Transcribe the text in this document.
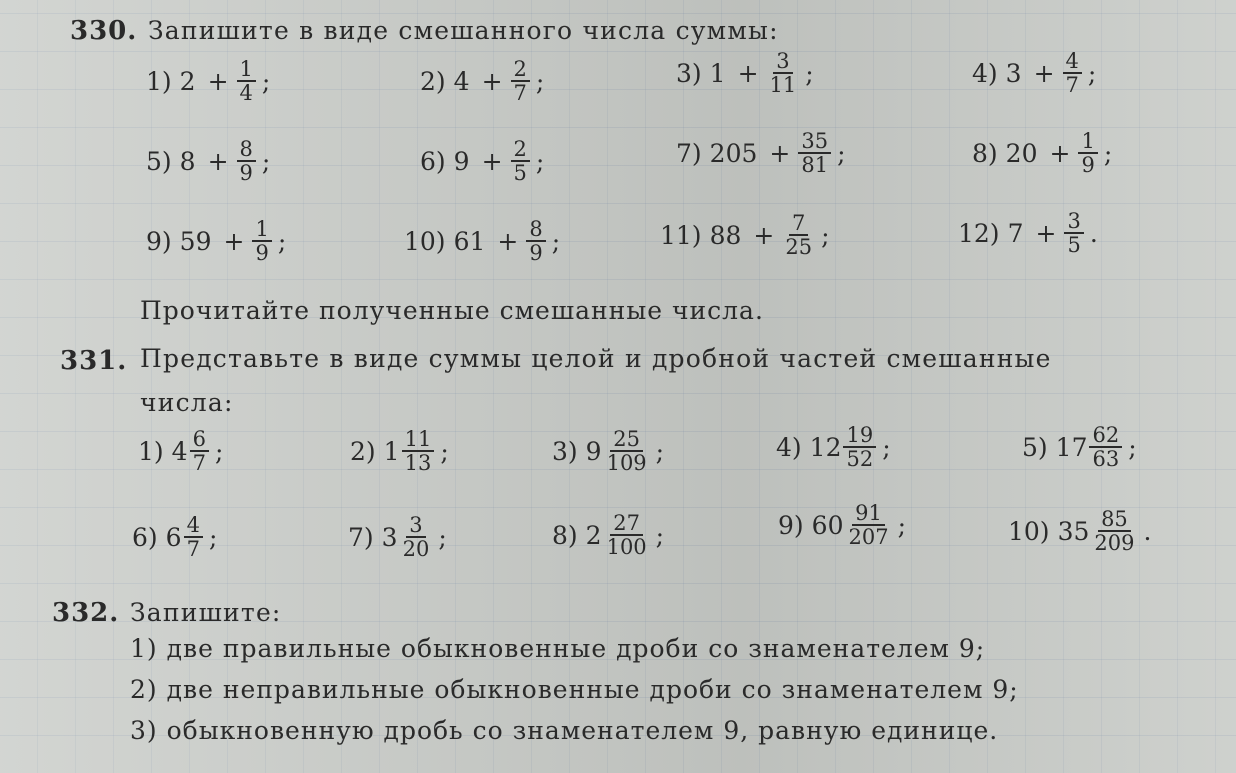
330. Запишите в виде смешанного числа суммы:
1) $2 + \frac{1}{4}$ ;	2) $4 + \frac{2}{7}$ ;	3) $1 + \frac{3}{11}$ ;	4) $3 + \frac{4}{7}$ ;
5) $8 + \frac{8}{9}$ ;	6) $9 + \frac{2}{5}$ ;	7) $205 + \frac{35}{81}$ ;	8) $20 + \frac{1}{9}$ ;
9) $59 + \frac{1}{9}$ ;	10) $61 + \frac{8}{9}$ ;	11) $88 + \frac{7}{25}$ ;	12) $7 + \frac{3}{5}$ .
Прочитайте полученные смешанные числа.
331. Представьте в виде суммы целой и дробной частей смешанные
числа:
1) $4 \frac{6}{7}$ ;	2) $1 \frac{11}{13}$ ;	3) $9 \frac{25}{109}$ ;	4) $12 \frac{19}{52}$ ;	5) $17 \frac{62}{63}$ ;
6) $6 \frac{4}{7}$ ;	7) $3 \frac{3}{20}$ ;	8) $2 \frac{27}{100}$ ;	9) $60 \frac{91}{207}$ ;	10) $35 \frac{85}{209}$ .
332. Запишите:
1) две правильные обыкновенные дроби со знаменателем 9;
2) две неправильные обыкновенные дроби со знаменателем 9;
3) обыкновенную дробь со знаменателем 9, равную единице.
